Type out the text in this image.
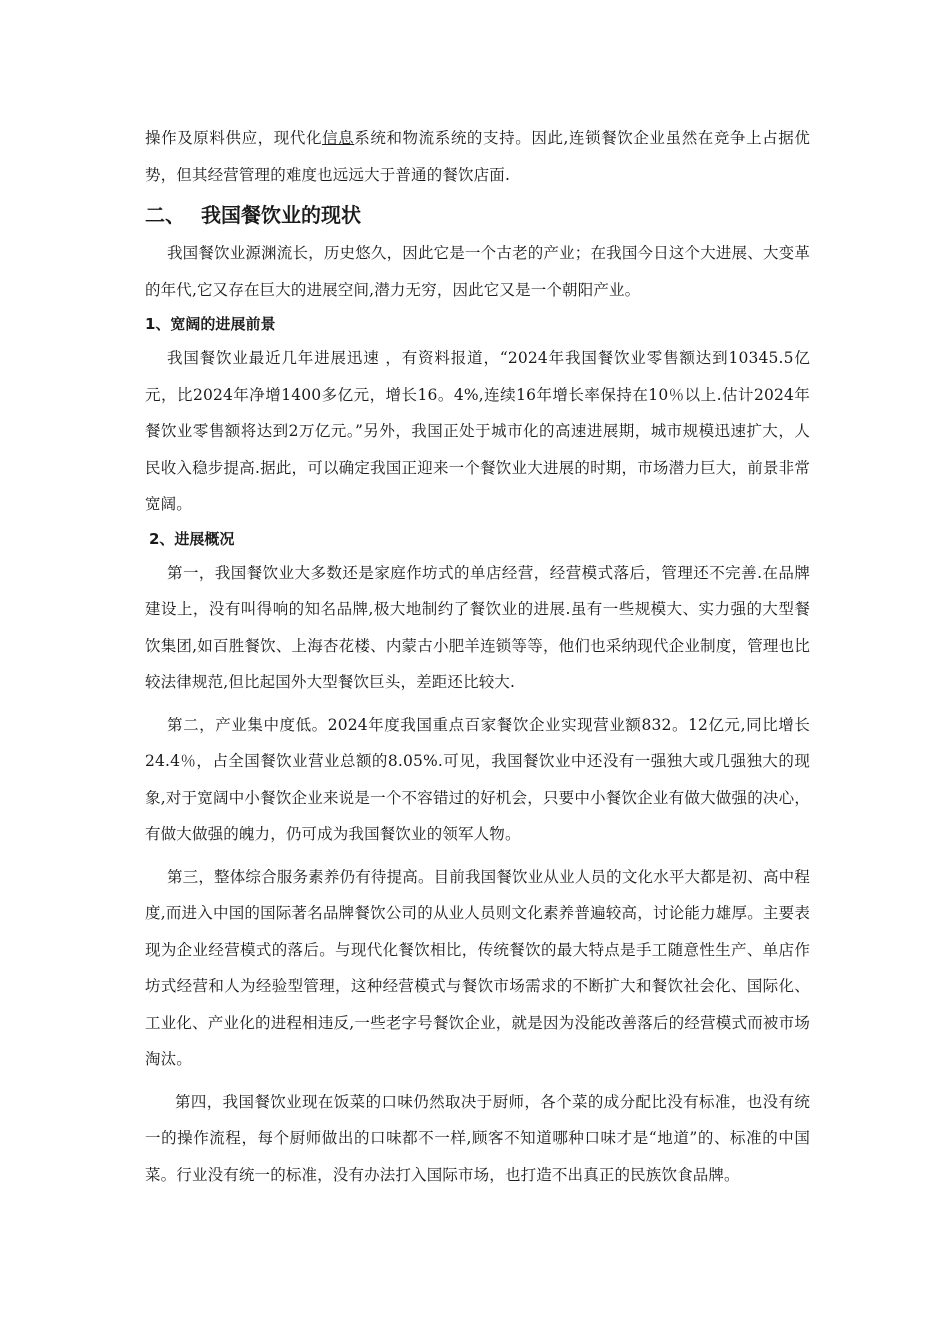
操作及原料供应，现代化信息系统和物流系统的支持。因此,连锁餐饮企业虽然在竞争上占据优势，但其经营管理的难度也远远大于普通的餐饮店面.

二、 我国餐饮业的现状

我国餐饮业源渊流长，历史悠久，因此它是一个古老的产业；在我国今日这个大进展、大变革的年代,它又存在巨大的进展空间,潜力无穷，因此它又是一个朝阳产业。

1、宽阔的进展前景

我国餐饮业最近几年进展迅速 ，有资料报道，“2024年我国餐饮业零售额达到10345.5亿元，比2024年净增1400多亿元，增长16。4%,连续16年增长率保持在10％以上.估计2024年餐饮业零售额将达到2万亿元。”另外，我国正处于城市化的高速进展期，城市规模迅速扩大，人民收入稳步提高.据此，可以确定我国正迎来一个餐饮业大进展的时期，市场潜力巨大，前景非常宽阔。

2、进展概况

第一，我国餐饮业大多数还是家庭作坊式的单店经营，经营模式落后，管理还不完善.在品牌建设上，没有叫得响的知名品牌,极大地制约了餐饮业的进展.虽有一些规模大、实力强的大型餐饮集团,如百胜餐饮、上海杏花楼、内蒙古小肥羊连锁等等，他们也采纳现代企业制度，管理也比较法律规范,但比起国外大型餐饮巨头，差距还比较大.

第二，产业集中度低。2024年度我国重点百家餐饮企业实现营业额832。12亿元,同比增长24.4％，占全国餐饮业营业总额的8.05%.可见，我国餐饮业中还没有一强独大或几强独大的现象,对于宽阔中小餐饮企业来说是一个不容错过的好机会，只要中小餐饮企业有做大做强的决心，有做大做强的魄力，仍可成为我国餐饮业的领军人物。

第三，整体综合服务素养仍有待提高。目前我国餐饮业从业人员的文化水平大都是初、高中程度,而进入中国的国际著名品牌餐饮公司的从业人员则文化素养普遍较高，讨论能力雄厚。主要表现为企业经营模式的落后。与现代化餐饮相比，传统餐饮的最大特点是手工随意性生产、单店作坊式经营和人为经验型管理，这种经营模式与餐饮市场需求的不断扩大和餐饮社会化、国际化、工业化、产业化的进程相违反,一些老字号餐饮企业，就是因为没能改善落后的经营模式而被市场淘汰。

第四，我国餐饮业现在饭菜的口味仍然取决于厨师，各个菜的成分配比没有标准，也没有统一的操作流程，每个厨师做出的口味都不一样,顾客不知道哪种口味才是“地道”的、标准的中国菜。行业没有统一的标准，没有办法打入国际市场，也打造不出真正的民族饮食品牌。
